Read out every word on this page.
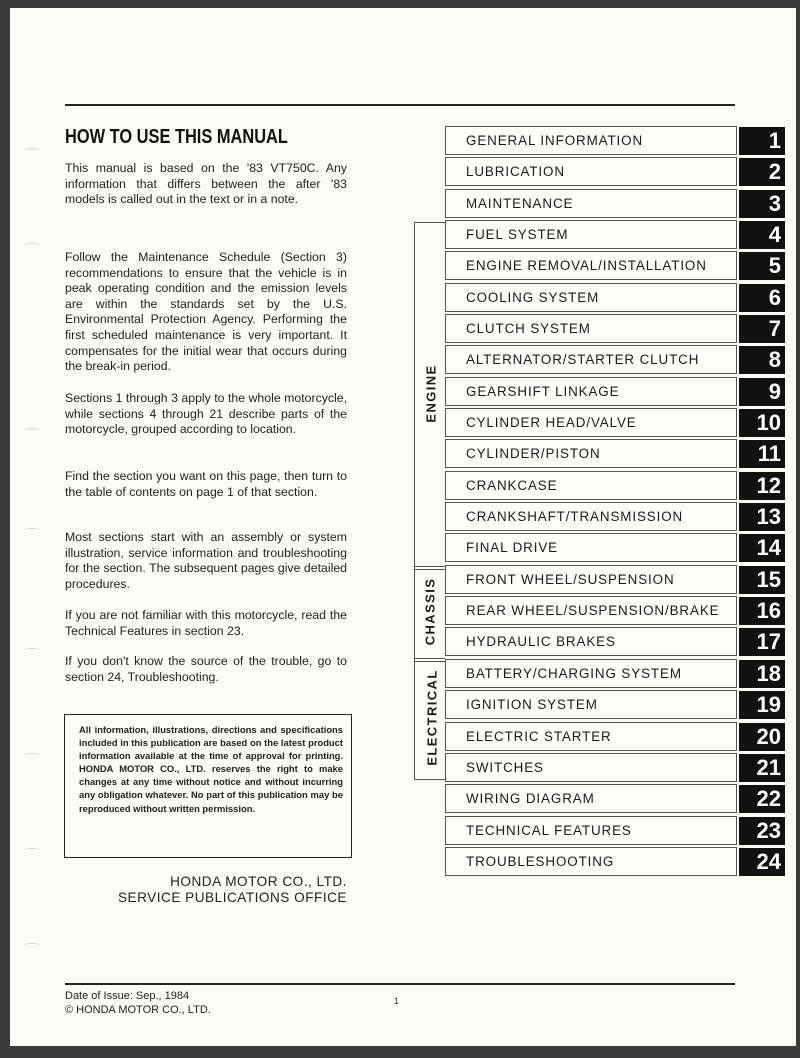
HOW TO USE THIS MANUAL
This manual is based on the '83 VT750C. Any information that differs between the after '83 models is called out in the text or in a note.
Follow the Maintenance Schedule (Section 3) recommendations to ensure that the vehicle is in peak operating condition and the emission levels are within the standards set by the U.S. Environmental Protection Agency. Performing the first scheduled maintenance is very important. It compensates for the initial wear that occurs during the break-in period.
Sections 1 through 3 apply to the whole motorcycle, while sections 4 through 21 describe parts of the motorcycle, grouped according to location.
Find the section you want on this page, then turn to the table of contents on page 1 of that section.
Most sections start with an assembly or system illustration, service information and troubleshooting for the section. The subsequent pages give detailed procedures.
If you are not familiar with this motorcycle, read the Technical Features in section 23.
If you don't know the source of the trouble, go to section 24, Troubleshooting.
All information, illustrations, directions and specifications included in this publication are based on the latest product information available at the time of approval for printing. HONDA MOTOR CO., LTD. reserves the right to make changes at any time without notice and without incurring any obligation whatever. No part of this publication may be reproduced without written permission.
HONDA MOTOR CO., LTD.
SERVICE PUBLICATIONS OFFICE
Date of Issue: Sep., 1984
© HONDA MOTOR CO., LTD.
1
ENGINE
CHASSIS
ELECTRICAL
GENERAL INFORMATION	1
LUBRICATION	2
MAINTENANCE	3
FUEL SYSTEM	4
ENGINE REMOVAL/INSTALLATION	5
COOLING SYSTEM	6
CLUTCH SYSTEM	7
ALTERNATOR/STARTER CLUTCH	8
GEARSHIFT LINKAGE	9
CYLINDER HEAD/VALVE	10
CYLINDER/PISTON	11
CRANKCASE	12
CRANKSHAFT/TRANSMISSION	13
FINAL DRIVE	14
FRONT WHEEL/SUSPENSION	15
REAR WHEEL/SUSPENSION/BRAKE	16
HYDRAULIC BRAKES	17
BATTERY/CHARGING SYSTEM	18
IGNITION SYSTEM	19
ELECTRIC STARTER	20
SWITCHES	21
WIRING DIAGRAM	22
TECHNICAL FEATURES	23
TROUBLESHOOTING	24
